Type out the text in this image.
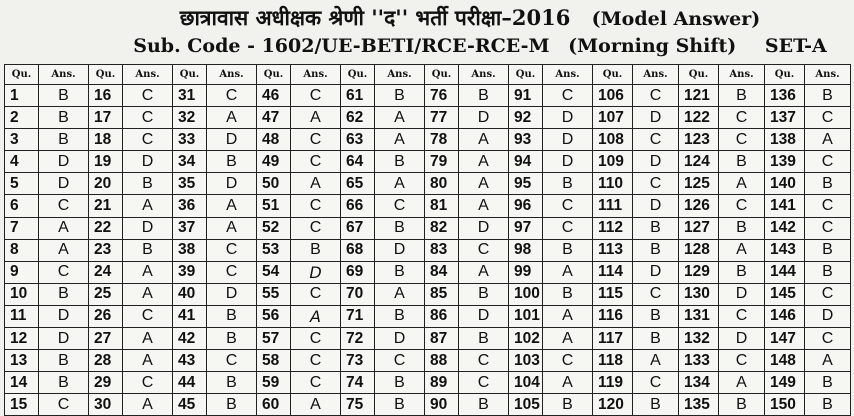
छात्रावास अधीक्षक श्रेणी ''द'' भर्ती परीक्षा–2016 (Model Answer)
Sub. Code - 1602/UE-BETI/RCE-RCE-M (Morning Shift) SET-A
Qu.	Ans.	Qu.	Ans.	Qu.	Ans.	Qu.	Ans.	Qu.	Ans.	Qu.	Ans.	Qu.	Ans.	Qu.	Ans.	Qu.	Ans.	Qu.	Ans.
1	B	16	C	31	C	46	C	61	B	76	B	91	C	106	C	121	B	136	B
2	B	17	C	32	A	47	A	62	A	77	D	92	D	107	D	122	C	137	C
3	B	18	C	33	D	48	C	63	A	78	A	93	D	108	C	123	C	138	A
4	D	19	D	34	B	49	C	64	B	79	A	94	D	109	D	124	B	139	C
5	D	20	B	35	D	50	A	65	A	80	A	95	B	110	C	125	A	140	B
6	C	21	A	36	A	51	C	66	C	81	A	96	C	111	D	126	C	141	C
7	A	22	D	37	A	52	C	67	B	82	D	97	C	112	B	127	B	142	C
8	A	23	B	38	C	53	B	68	D	83	C	98	B	113	B	128	A	143	B
9	C	24	A	39	C	54	D	69	B	84	A	99	A	114	D	129	B	144	B
10	B	25	A	40	D	55	C	70	A	85	B	100	B	115	C	130	D	145	C
11	D	26	C	41	B	56	A	71	B	86	D	101	A	116	B	131	C	146	D
12	D	27	A	42	B	57	C	72	D	87	B	102	A	117	B	132	D	147	C
13	B	28	A	43	C	58	C	73	C	88	C	103	C	118	A	133	C	148	A
14	B	29	C	44	B	59	C	74	B	89	C	104	A	119	C	134	A	149	B
15	C	30	A	45	B	60	A	75	B	90	B	105	B	120	B	135	B	150	B
